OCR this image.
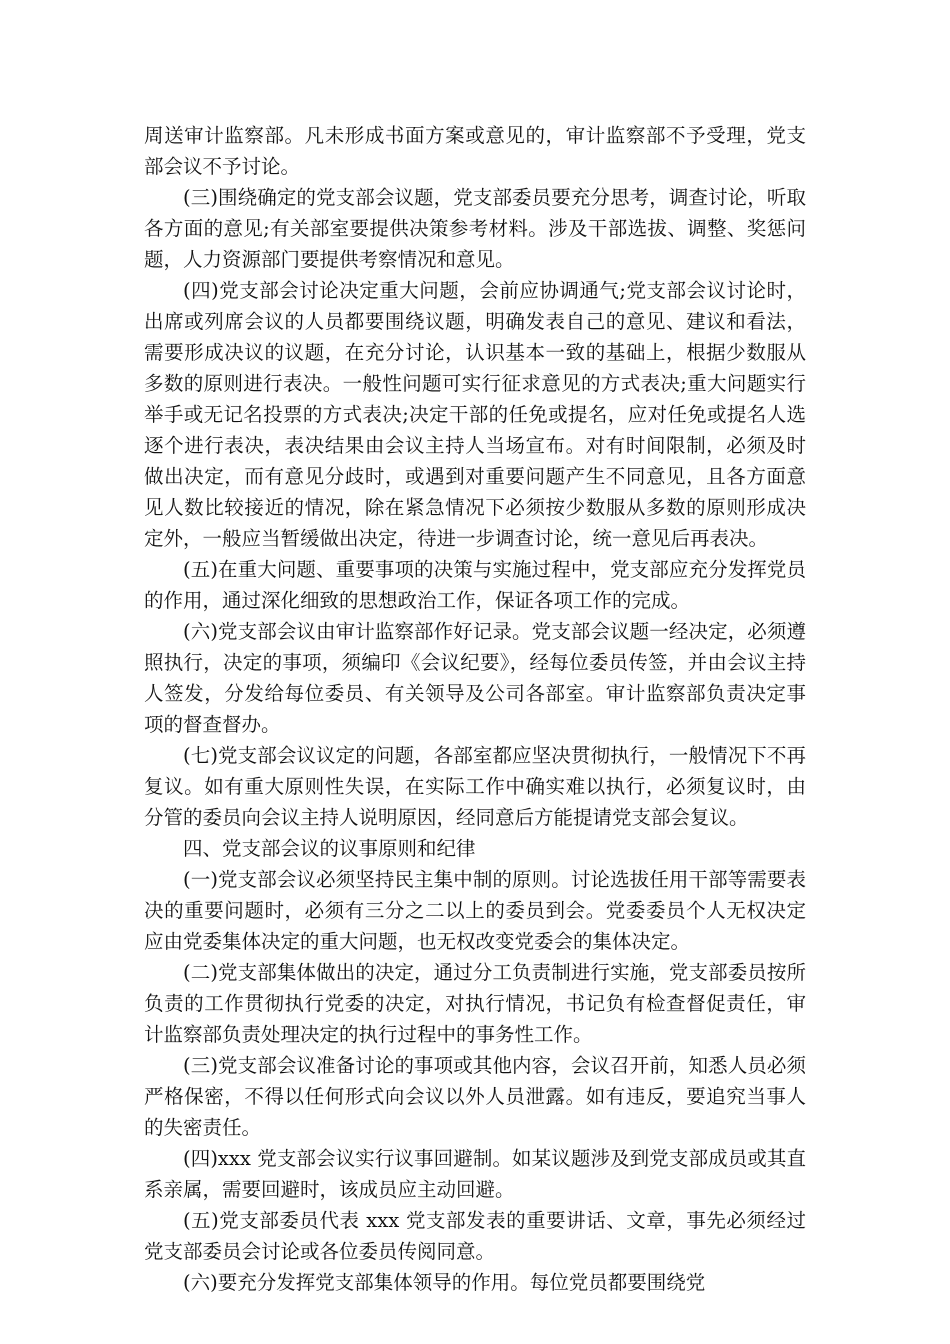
周送审计监察部。凡未形成书面方案或意见的，审计监察部不予受理，党支部会议不予讨论。

(三)围绕确定的党支部会议题，党支部委员要充分思考，调查讨论，听取各方面的意见;有关部室要提供决策参考材料。涉及干部选拔、调整、奖惩问题，人力资源部门要提供考察情况和意见。

(四)党支部会讨论决定重大问题，会前应协调通气;党支部会议讨论时，出席或列席会议的人员都要围绕议题，明确发表自己的意见、建议和看法，需要形成决议的议题，在充分讨论，认识基本一致的基础上，根据少数服从多数的原则进行表决。一般性问题可实行征求意见的方式表决;重大问题实行举手或无记名投票的方式表决;决定干部的任免或提名，应对任免或提名人选逐个进行表决，表决结果由会议主持人当场宣布。对有时间限制，必须及时做出决定，而有意见分歧时，或遇到对重要问题产生不同意见，且各方面意见人数比较接近的情况，除在紧急情况下必须按少数服从多数的原则形成决定外，一般应当暂缓做出决定，待进一步调查讨论，统一意见后再表决。

(五)在重大问题、重要事项的决策与实施过程中，党支部应充分发挥党员的作用，通过深化细致的思想政治工作，保证各项工作的完成。

(六)党支部会议由审计监察部作好记录。党支部会议题一经决定，必须遵照执行，决定的事项，须编印《会议纪要》，经每位委员传签，并由会议主持人签发，分发给每位委员、有关领导及公司各部室。审计监察部负责决定事项的督查督办。

(七)党支部会议议定的问题，各部室都应坚决贯彻执行，一般情况下不再复议。如有重大原则性失误，在实际工作中确实难以执行，必须复议时，由分管的委员向会议主持人说明原因，经同意后方能提请党支部会复议。

四、党支部会议的议事原则和纪律

(一)党支部会议必须坚持民主集中制的原则。讨论选拔任用干部等需要表决的重要问题时，必须有三分之二以上的委员到会。党委委员个人无权决定应由党委集体决定的重大问题，也无权改变党委会的集体决定。

(二)党支部集体做出的决定，通过分工负责制进行实施，党支部委员按所负责的工作贯彻执行党委的决定，对执行情况，书记负有检查督促责任，审计监察部负责处理决定的执行过程中的事务性工作。

(三)党支部会议准备讨论的事项或其他内容，会议召开前，知悉人员必须严格保密，不得以任何形式向会议以外人员泄露。如有违反，要追究当事人的失密责任。

(四)xxx 党支部会议实行议事回避制。如某议题涉及到党支部成员或其直系亲属，需要回避时，该成员应主动回避。

(五)党支部委员代表 xxx 党支部发表的重要讲话、文章，事先必须经过党支部委员会讨论或各位委员传阅同意。

(六)要充分发挥党支部集体领导的作用。每位党员都要围绕党
